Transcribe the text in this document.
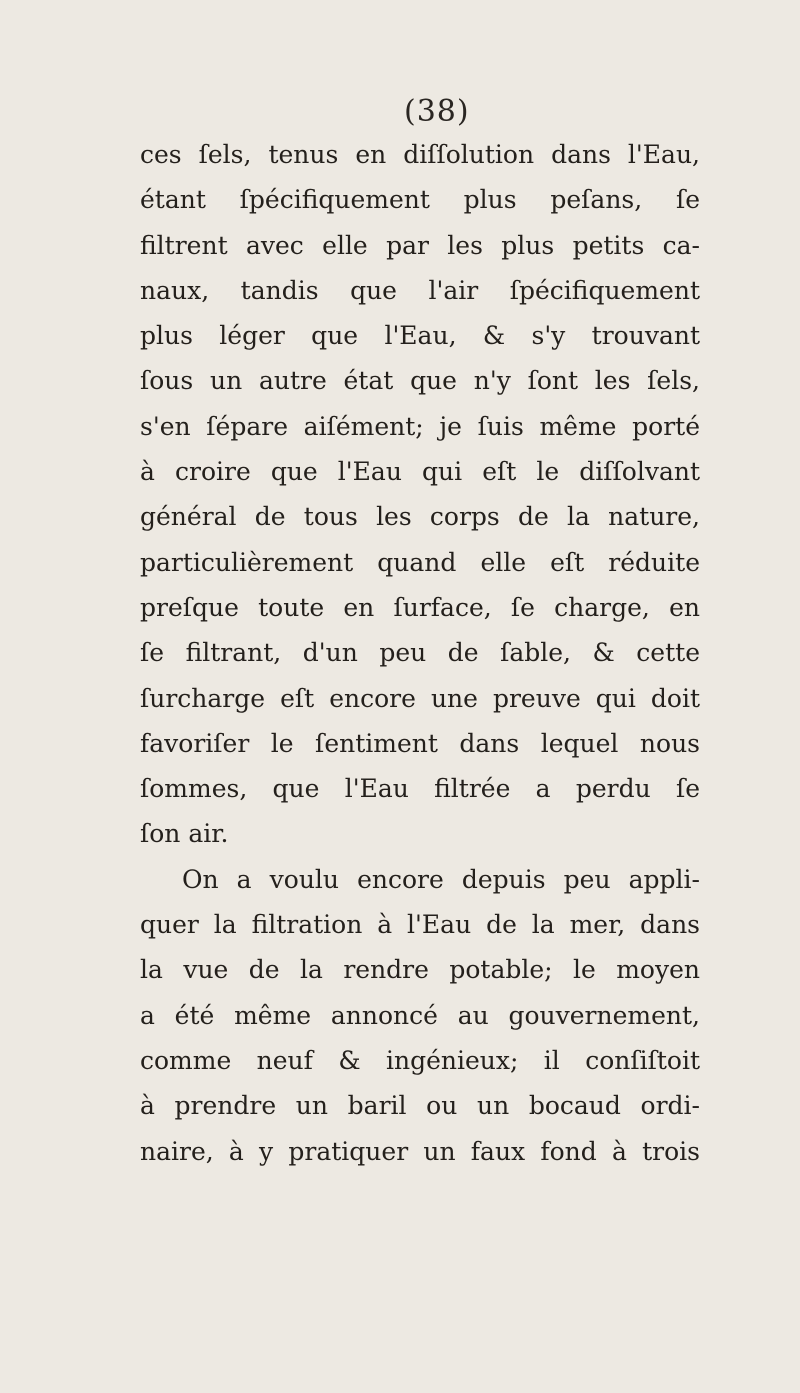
(38)
ces ſels, tenus en diſſolution dans l'Eau,
étant ſpécifiquement plus peſans, ſe
filtrent avec elle par les plus petits ca-
naux, tandis que l'air ſpécifiquement
plus léger que l'Eau, & s'y trouvant
ſous un autre état que n'y ſont les ſels,
s'en ſépare aiſément; je ſuis même porté
à croire que l'Eau qui eſt le diſſolvant
général de tous les corps de la nature,
particulièrement quand elle eſt réduite
preſque toute en ſurface, ſe charge, en
ſe filtrant, d'un peu de ſable, & cette
ſurcharge eſt encore une preuve qui doit
favoriſer le ſentiment dans lequel nous
ſommes, que l'Eau filtrée a perdu ſe
ſon air.
On a voulu encore depuis peu appli-
quer la filtration à l'Eau de la mer, dans
la vue de la rendre potable; le moyen
a été même annoncé au gouvernement,
comme neuf & ingénieux; il conſiſtoit
à prendre un baril ou un bocaud ordi-
naire, à y pratiquer un faux fond à trois
